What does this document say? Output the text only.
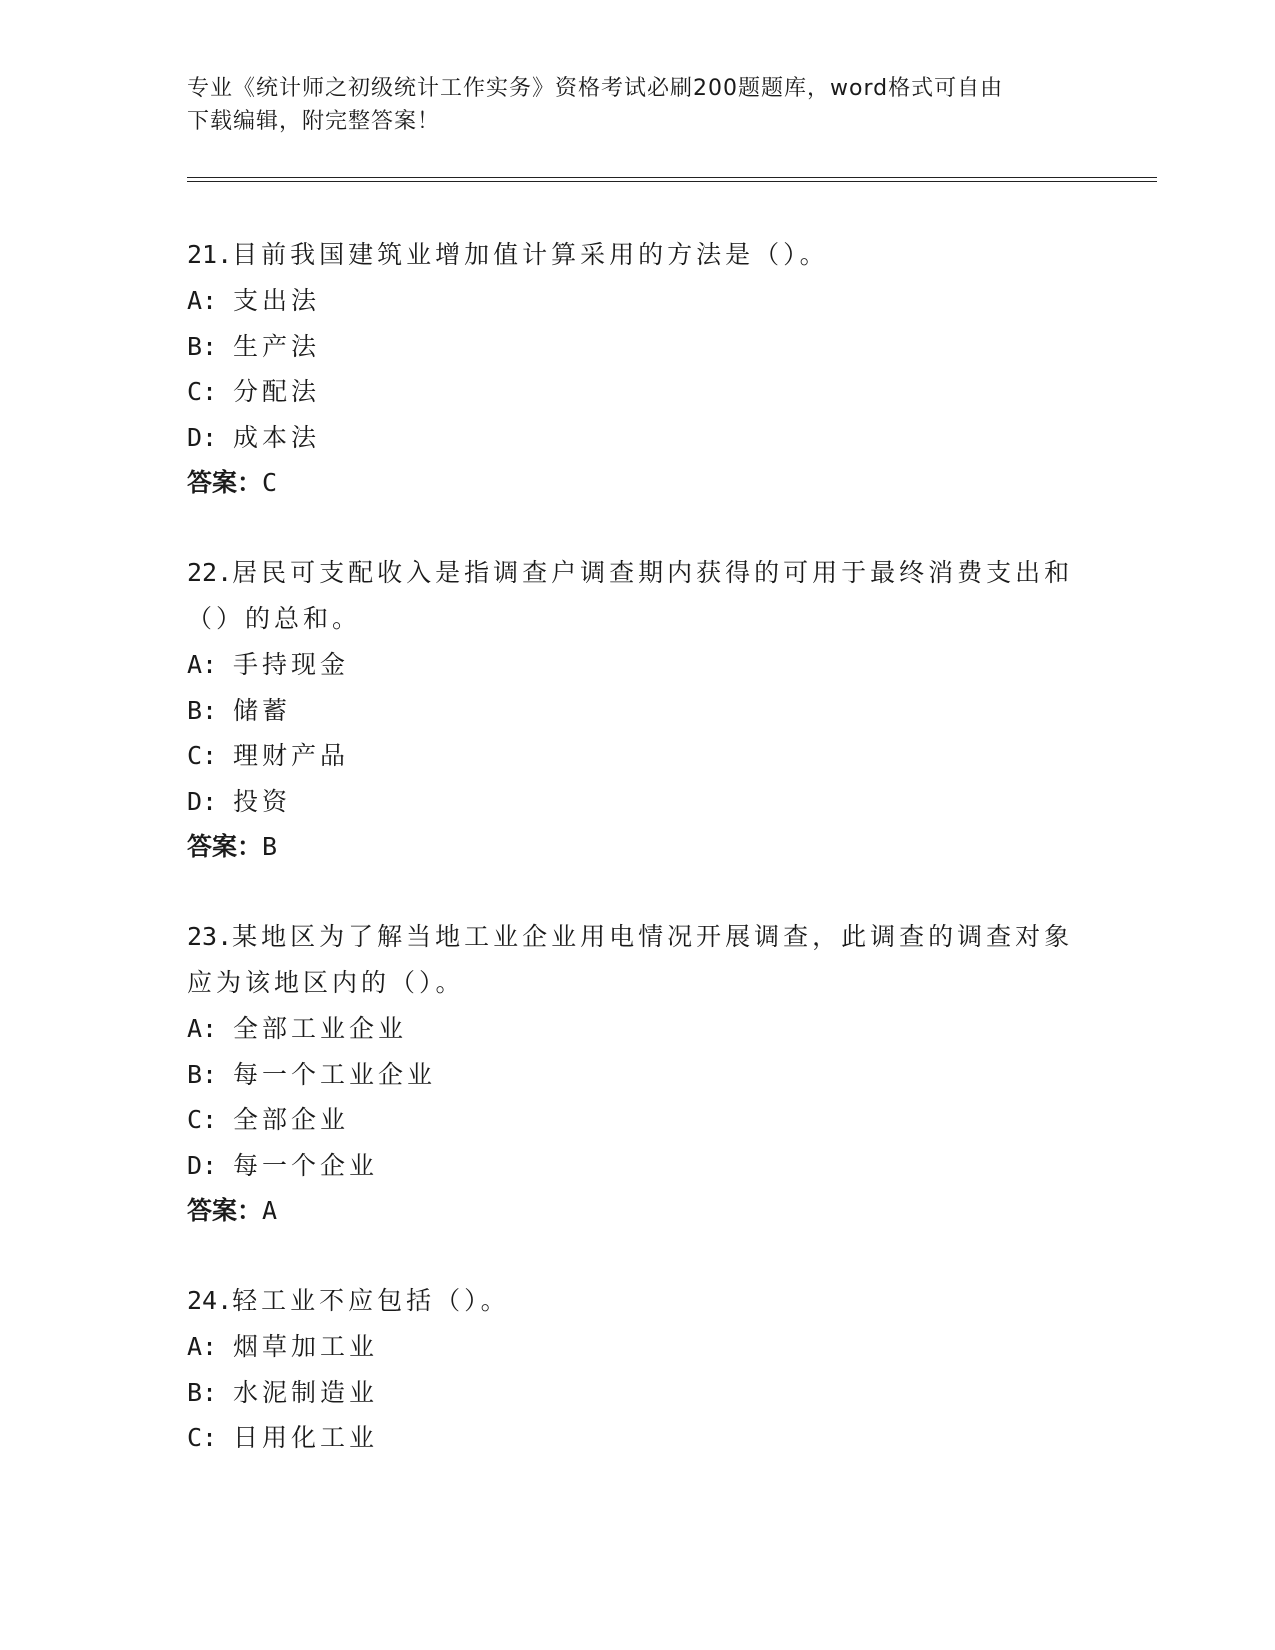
专业《统计师之初级统计工作实务》资格考试必刷200题题库，word格式可自由
下载编辑，附完整答案！
21.目前我国建筑业增加值计算采用的方法是（）。
A: 支出法
B: 生产法
C: 分配法
D: 成本法
答案：C
22.居民可支配收入是指调查户调查期内获得的可用于最终消费支出和
（）的总和。
A: 手持现金
B: 储蓄
C: 理财产品
D: 投资
答案：B
23.某地区为了解当地工业企业用电情况开展调查，此调查的调查对象
应为该地区内的（）。
A: 全部工业企业
B: 每一个工业企业
C: 全部企业
D: 每一个企业
答案：A
24.轻工业不应包括（）。
A: 烟草加工业
B: 水泥制造业
C: 日用化工业
